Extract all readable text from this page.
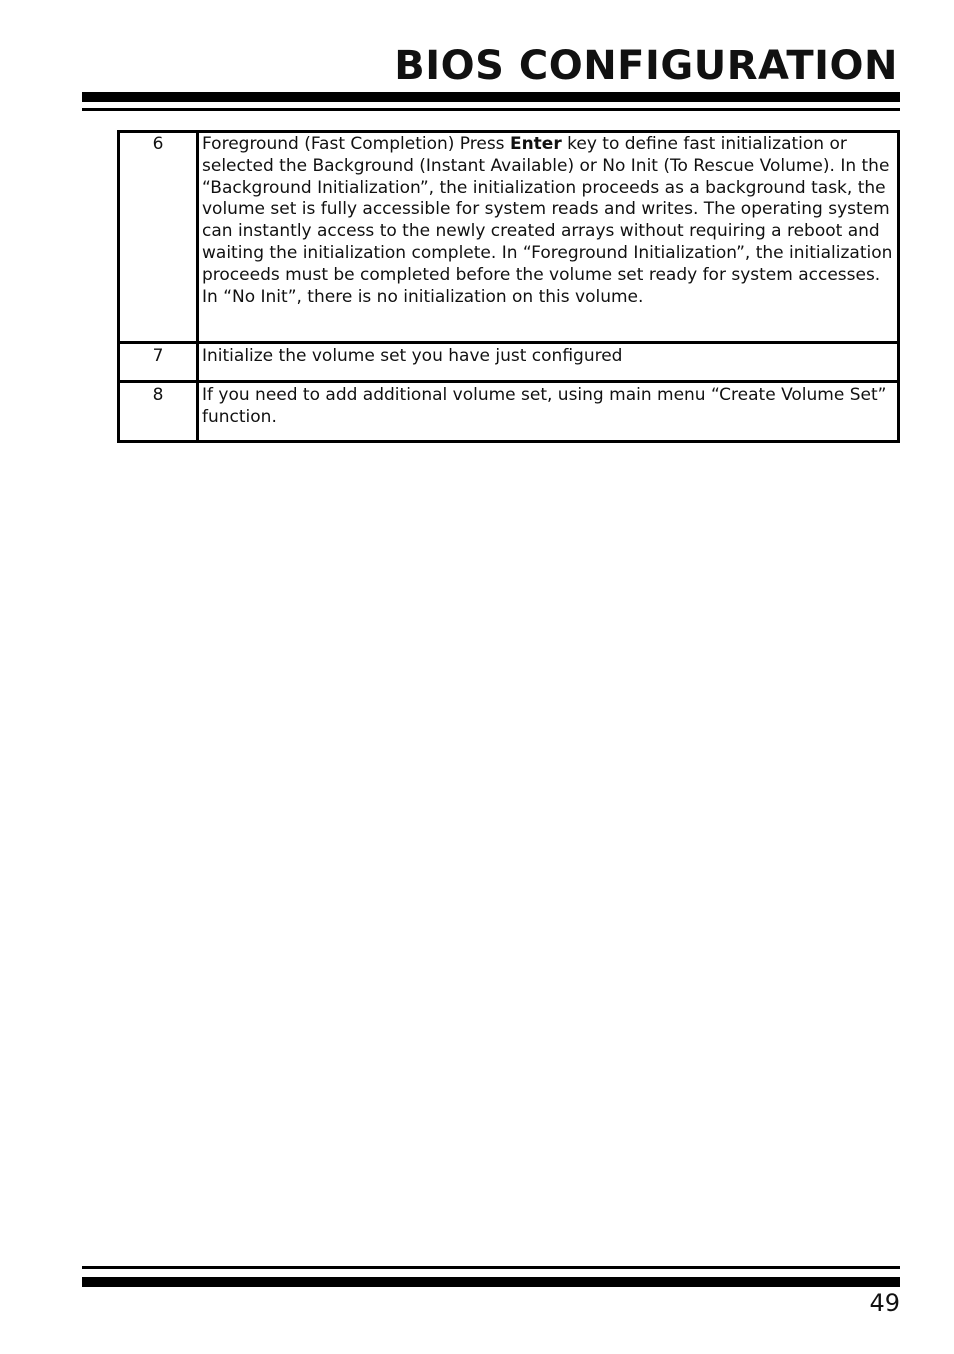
BIOS CONFIGURATION
6	Foreground (Fast Completion) Press Enter key to define fast initialization or selected the Background (Instant Available) or No Init (To Rescue Volume). In the “Background Initialization”, the initialization proceeds as a background task, the volume set is fully accessible for system reads and writes. The operating system can instantly access to the newly created arrays without requiring a reboot and waiting the initialization complete. In “Foreground Initialization”, the initialization proceeds must be completed before the volume set ready for system accesses. In “No Init”, there is no initialization on this volume.
7	Initialize the volume set you have just configured
8	If you need to add additional volume set, using main menu “Create Volume Set” function.
49
